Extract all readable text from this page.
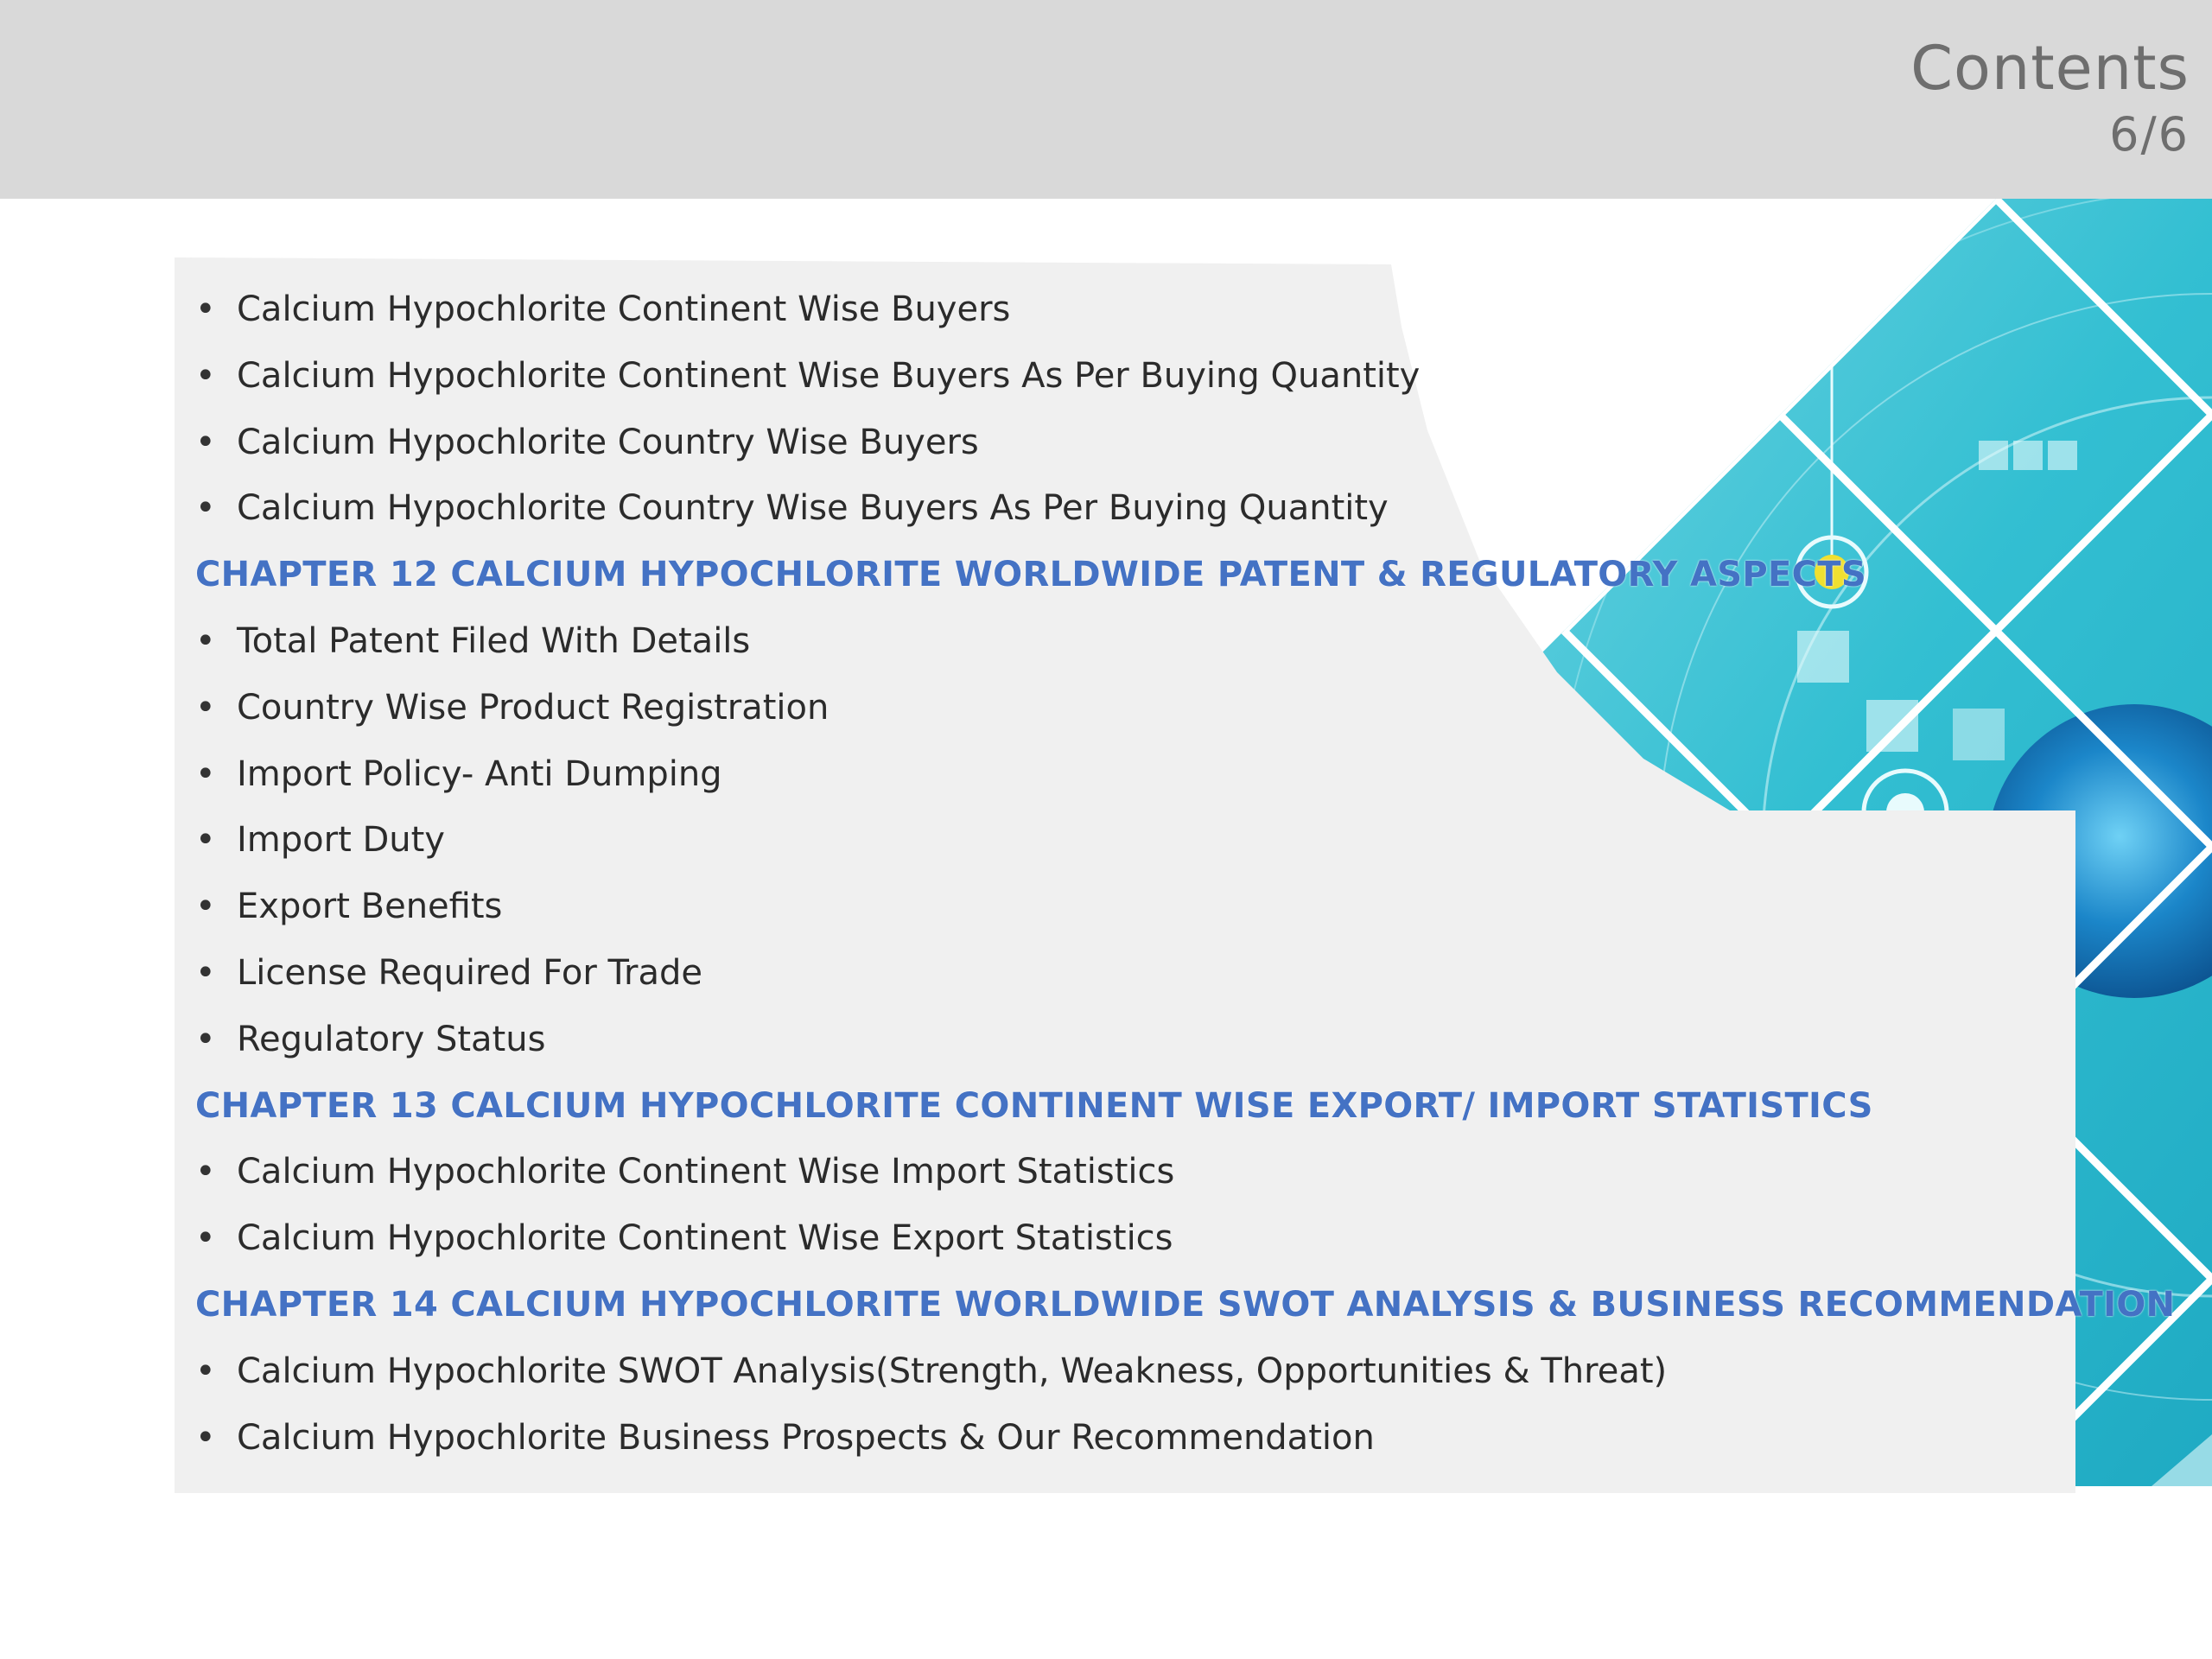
Contents
6/6
• Calcium Hypochlorite Continent Wise Buyers
• Calcium Hypochlorite Continent Wise Buyers As Per Buying Quantity
• Calcium Hypochlorite Country Wise Buyers
• Calcium Hypochlorite Country Wise Buyers As Per Buying Quantity
CHAPTER 12 CALCIUM HYPOCHLORITE WORLDWIDE PATENT & REGULATORY ASPECTS
• Total Patent Filed With Details
• Country Wise Product Registration
• Import Policy- Anti Dumping
• Import Duty
• Export Benefits
• License Required For Trade
• Regulatory Status
CHAPTER 13 CALCIUM HYPOCHLORITE CONTINENT WISE EXPORT/ IMPORT STATISTICS
• Calcium Hypochlorite Continent Wise Import Statistics
• Calcium Hypochlorite Continent Wise Export Statistics
CHAPTER 14 CALCIUM HYPOCHLORITE WORLDWIDE SWOT ANALYSIS & BUSINESS RECOMMENDATION
• Calcium Hypochlorite SWOT Analysis(Strength, Weakness, Opportunities & Threat)
• Calcium Hypochlorite Business Prospects & Our Recommendation
